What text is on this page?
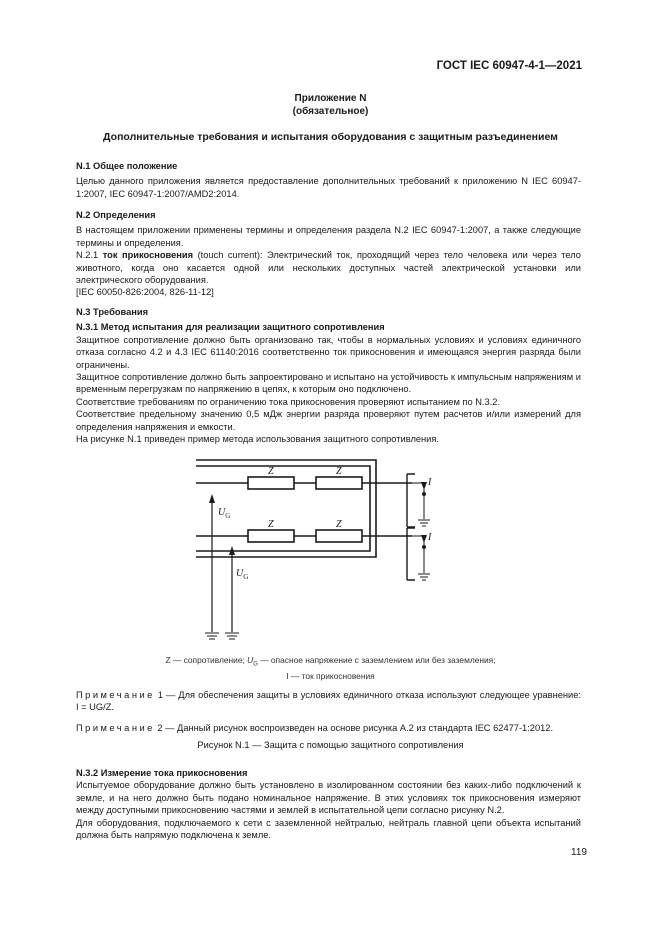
ГОСТ IEC 60947-4-1—2021
Приложение N
(обязательное)
Дополнительные требования и испытания оборудования с защитным разъединением

N.1 Общее положение

Целью данного приложения является предоставление дополнительных требований к приложению N IEC 60947-1:2007, IEC 60947-1:2007/AMD2:2014.

N.2 Определения

В настоящем приложении применены термины и определения раздела N.2 IEC 60947-1:2007, а также следующие термины и определения.

N.2.1 ток прикосновения (touch current): Электрический ток, проходящий через тело человека или через тело животного, когда оно касается одной или нескольких доступных частей электрической установки или электрического оборудования.

[IEC 60050-826:2004, 826-11-12]

N.3 Требования

N.3.1 Метод испытания для реализации защитного сопротивления

Защитное сопротивление должно быть организовано так, чтобы в нормальных условиях и условиях единичного отказа согласно 4.2 и 4.3 IEC 61140:2016 соответственно ток прикосновения и имеющаяся энергия разряда были ограничены.

Защитное сопротивление должно быть запроектировано и испытано на устойчивость к импульсным напряжениям и временным перегрузкам по напряжению в цепях, к которым оно подключено.

Соответствие требованиям по ограничению тока прикосновения проверяют испытанием по N.3.2.

Соответствие предельному значению 0,5 мДж энергии разряда проверяют путем расчетов и/или измерений для определения напряжения и емкости.

На рисунке N.1 приведен пример метода использования защитного сопротивления.

Z	Z
Z	Z
I
I
$U_G$
$U_G$
Z — сопротивление; $U_G$ — опасное напряжение с заземлением или без заземления;
I — ток прикосновения
Примечание 1 — Для обеспечения защиты в условиях единичного отказа используют следующее уравнение: I = UG/Z.
Примечание 2 — Данный рисунок воспроизведен на основе рисунка A.2 из стандарта IEC 62477-1:2012.
Рисунок N.1 — Защита с помощью защитного сопротивления

N.3.2 Измерение тока прикосновения

Испытуемое оборудование должно быть установлено в изолированном состоянии без каких-либо подключений к земле, и на него должно быть подано номинальное напряжение. В этих условиях ток прикосновения измеряют между доступными прикосновению частями и землей в испытательной цепи согласно рисунку N.2.

Для оборудования, подключаемого к сети с заземленной нейтралью, нейтраль главной цепи объекта испытаний должна быть напрямую подключена к земле.

119
